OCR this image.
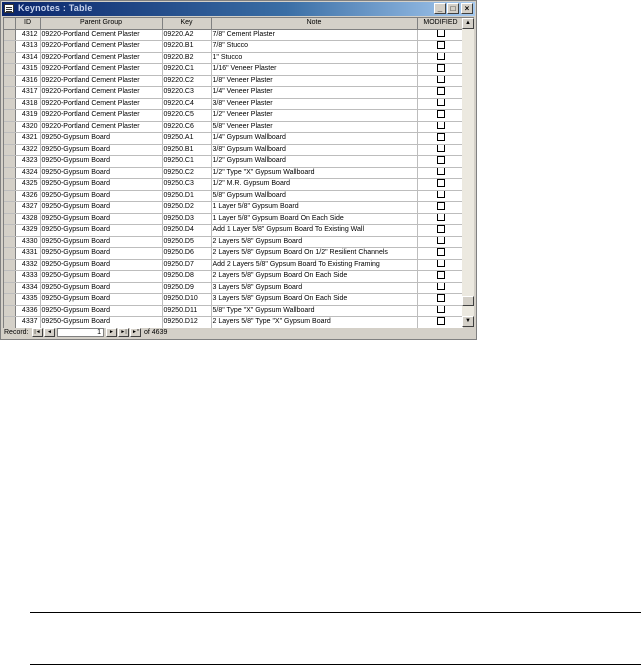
Keynotes : Table	_	□	×
	ID	Parent Group	Key	Note	MODIFIED
	4312	09220-Portland Cement Plaster	09220.A2	7/8" Cement Plaster	
	4313	09220-Portland Cement Plaster	09220.B1	7/8" Stucco	
	4314	09220-Portland Cement Plaster	09220.B2	1" Stucco	
	4315	09220-Portland Cement Plaster	09220.C1	1/16" Veneer Plaster	
	4316	09220-Portland Cement Plaster	09220.C2	1/8" Veneer Plaster	
	4317	09220-Portland Cement Plaster	09220.C3	1/4" Veneer Plaster	
	4318	09220-Portland Cement Plaster	09220.C4	3/8" Veneer Plaster	
	4319	09220-Portland Cement Plaster	09220.C5	1/2" Veneer Plaster	
	4320	09220-Portland Cement Plaster	09220.C6	5/8" Veneer Plaster	
	4321	09250-Gypsum Board	09250.A1	1/4" Gypsum Wallboard	
	4322	09250-Gypsum Board	09250.B1	3/8" Gypsum Wallboard	
	4323	09250-Gypsum Board	09250.C1	1/2" Gypsum Wallboard	
	4324	09250-Gypsum Board	09250.C2	1/2" Type "X" Gypsum Wallboard	
	4325	09250-Gypsum Board	09250.C3	1/2" M.R. Gypsum Board	
	4326	09250-Gypsum Board	09250.D1	5/8" Gypsum Wallboard	
	4327	09250-Gypsum Board	09250.D2	1 Layer 5/8" Gypsum Board	
	4328	09250-Gypsum Board	09250.D3	1 Layer 5/8" Gypsum Board On Each Side	
	4329	09250-Gypsum Board	09250.D4	Add 1 Layer 5/8" Gypsum Board To Existing Wall	
	4330	09250-Gypsum Board	09250.D5	2 Layers 5/8" Gypsum Board	
	4331	09250-Gypsum Board	09250.D6	2 Layers 5/8" Gypsum Board On 1/2" Resilient Channels	
	4332	09250-Gypsum Board	09250.D7	Add 2 Layers 5/8" Gypsum Board To Existing Framing	
	4333	09250-Gypsum Board	09250.D8	2 Layers 5/8" Gypsum Board On Each Side	
	4334	09250-Gypsum Board	09250.D9	3 Layers 5/8" Gypsum Board	
	4335	09250-Gypsum Board	09250.D10	3 Layers 5/8" Gypsum Board On Each Side	
	4336	09250-Gypsum Board	09250.D11	5/8" Type "X" Gypsum Wallboard	
	4337	09250-Gypsum Board	09250.D12	2 Layers 5/8" Type "X" Gypsum Board	

▲
▼
Record:	|◄	◄	1	►	►|	►* of 4639
